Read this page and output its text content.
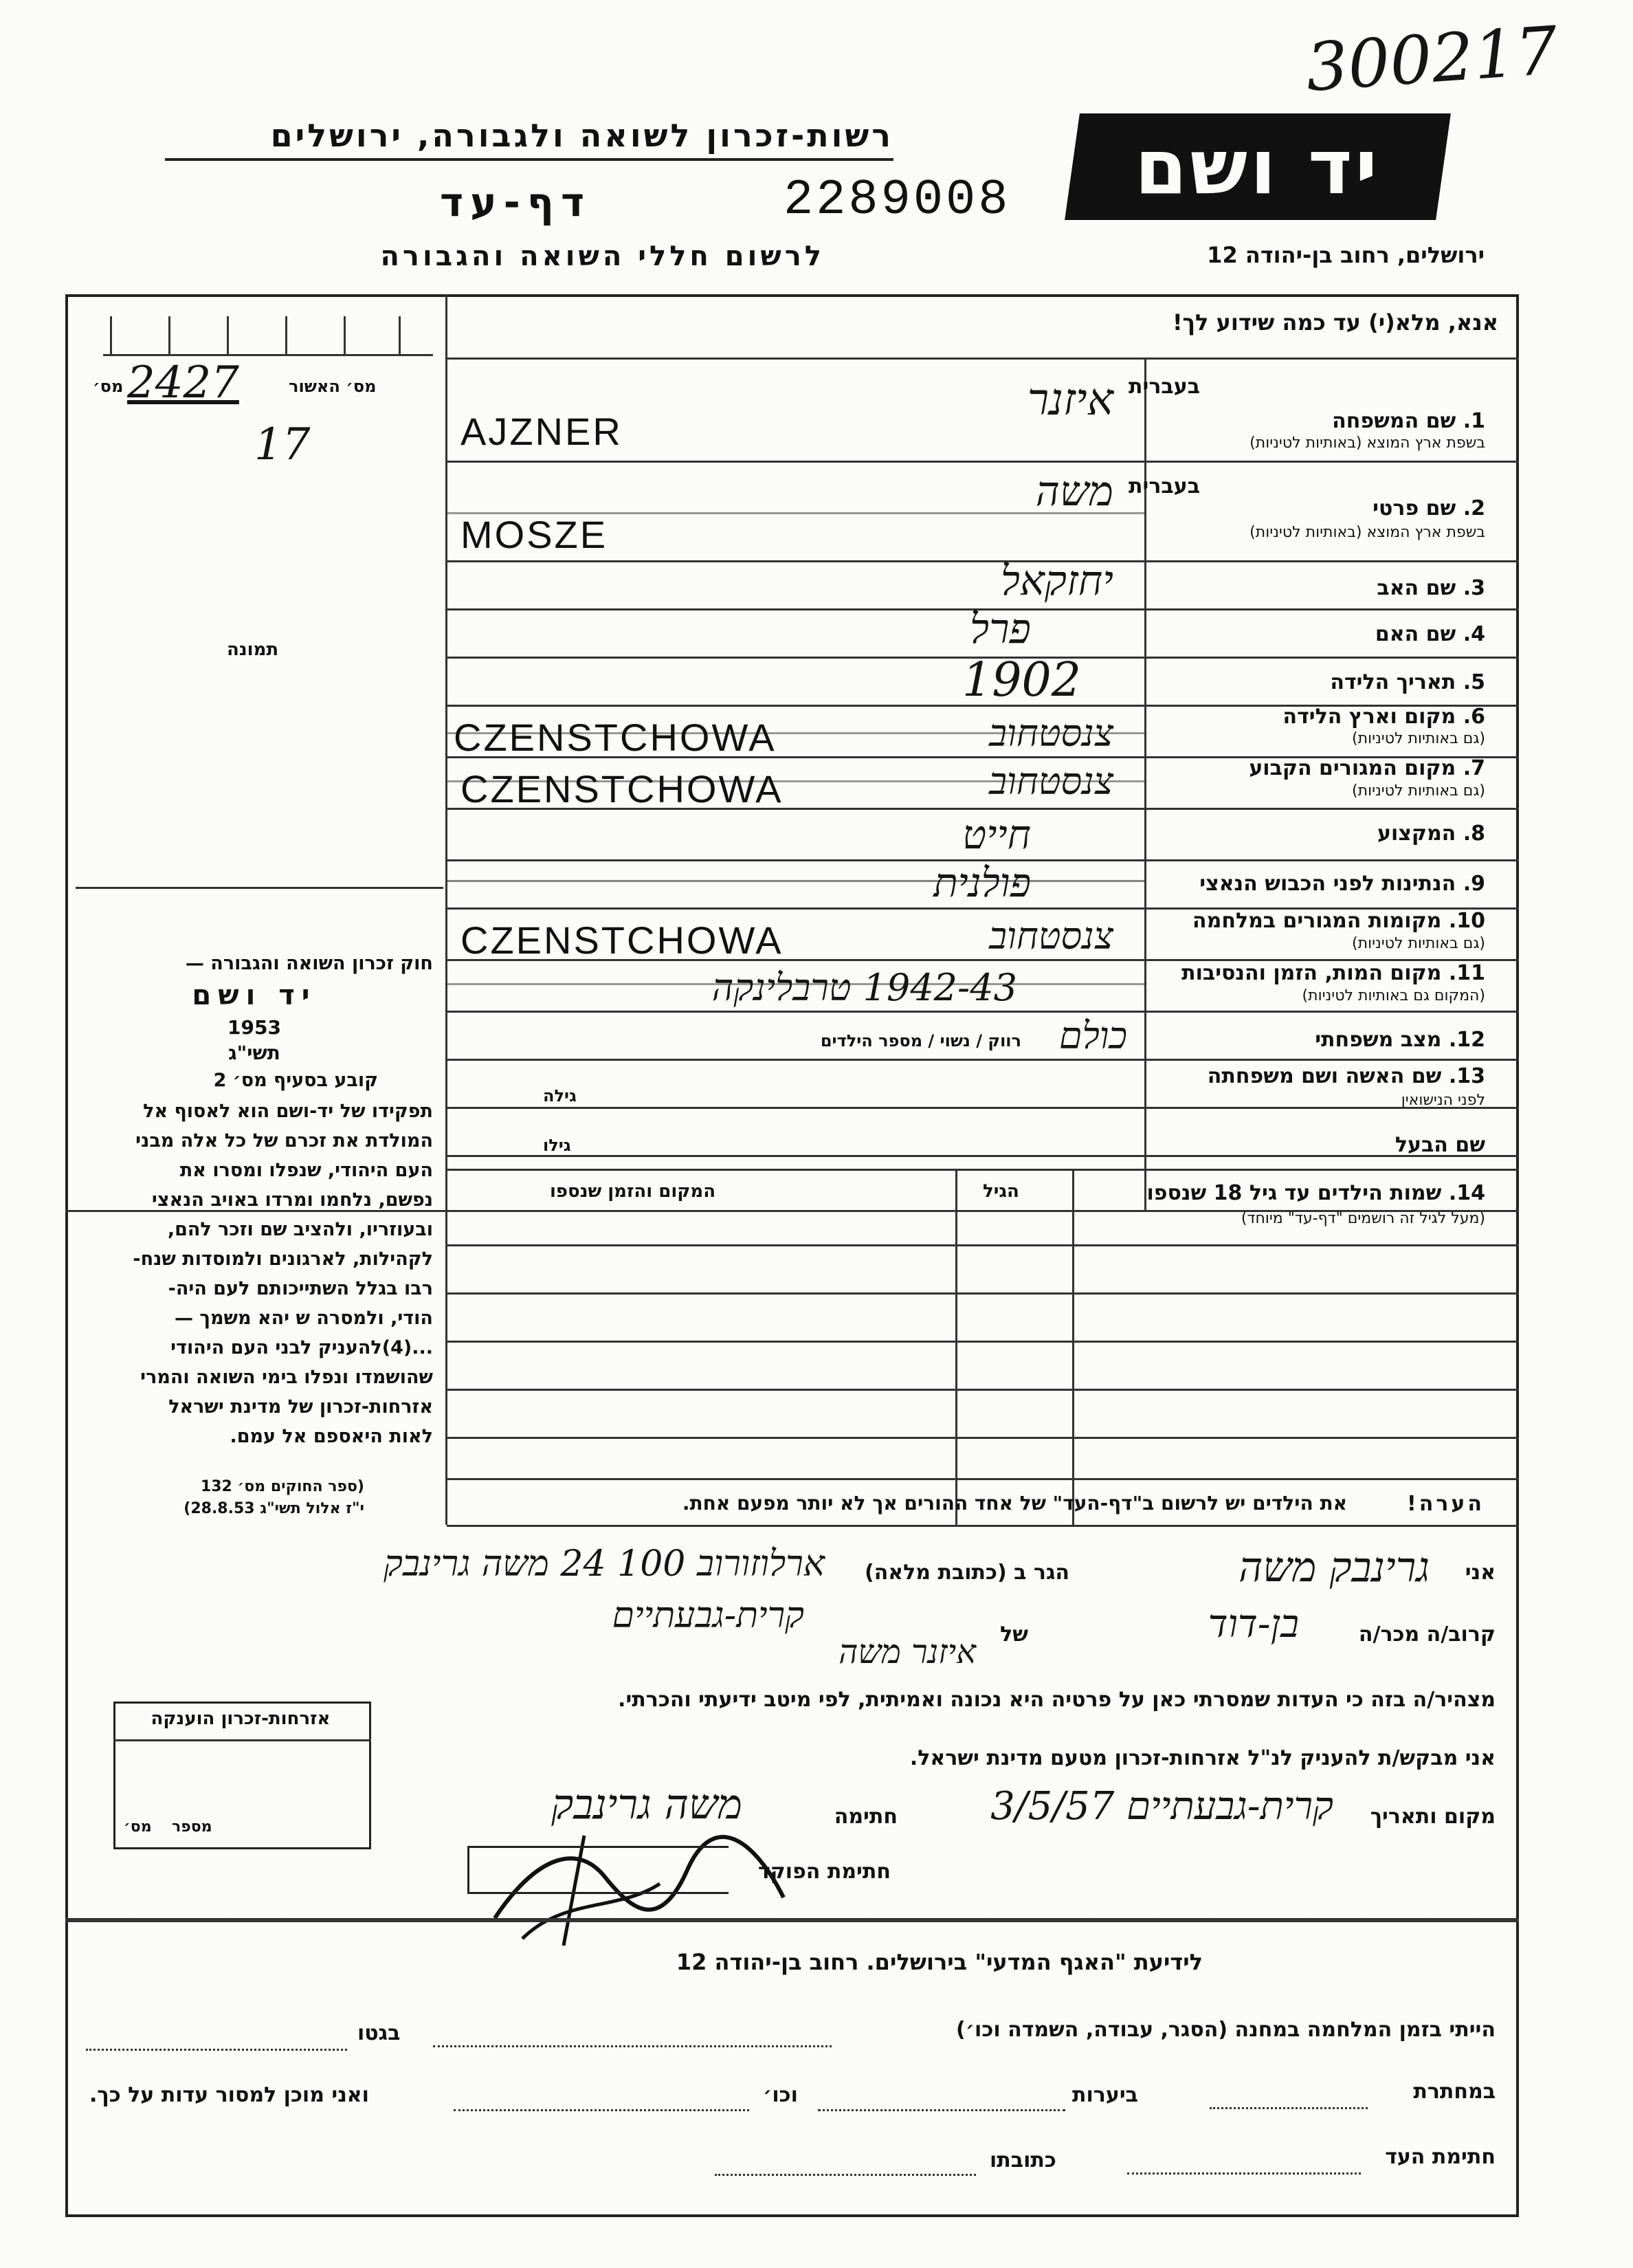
300217
רשות-זכרון לשואה ולגבורה, ירושלים
דף-עד	2289008
לרשום חללי השואה והגבורה
יד ושם
ירושלים, רחוב בן-יהודה 12
אנא, מלא(י) עד כמה שידוע לך!
מס׳ האשור
מס׳ 2427
17
תמונה
בעברית
1. שם המשפחה
בשפת ארץ המוצא (באותיות לטיניות)
איזנר
AJZNER
בעברית
2. שם פרטי
בשפת ארץ המוצא (באותיות לטיניות)
משה
MOSZE
3. שם האב
יחזקאל
4. שם האם
פרל
5. תאריך הלידה
1902
6. מקום וארץ הלידה
(גם באותיות לטיניות)
צנסטחוב
CZENSTCHOWA
7. מקום המגורים הקבוע
(גם באותיות לטיניות)
צנסטחוב
CZENSTCHOWA
8. המקצוע
חייט
9. הנתינות לפני הכבוש הנאצי
פולנית
10. מקומות המגורים במלחמה
(גם באותיות לטיניות)
צנסטחוב
CZENSTCHOWA
11. מקום המות, הזמן והנסיבות
(המקום גם באותיות לטיניות)
1942-43 טרבלינקה
12. מצב משפחתי
רווק / נשוי / מספר הילדים	כולם
13. שם האשה ושם משפחתה
לפני הנישואין
גילה
שם הבעל
גילו
14. שמות הילדים עד גיל 18 שנספו
(מעל לגיל זה רושמים "דף-עד" מיוחד)
הגיל
המקום והזמן שנספו
הערה!
את הילדים יש לרשום ב"דף-העד" של אחד ההורים אך לא יותר מפעם אחת.
חוק זכרון השואה והגבורה —
יד ושם
1953
תשי"ג
קובע בסעיף מס׳ 2
תפקידו של יד-ושם הוא לאסוף אל
המולדת את זכרם של כל אלה מבני
העם היהודי, שנפלו ומסרו את
נפשם, נלחמו ומרדו באויב הנאצי
ובעוזריו, ולהציב שם וזכר להם,
לקהילות, לארגונים ולמוסדות שנח-
רבו בגלל השתייכותם לעם היה-
הודי, ולמסרה ש יהא משמך —
...(4)להעניק לבני העם היהודי
שהושמדו ונפלו בימי השואה והמרי
אזרחות-זכרון של מדינת ישראל
לאות היאספם אל עמם.
(ספר החוקים מס׳ 132
י"ז אלול תשי"ג 28.8.53)
אני
גרינבק משה
הגר ב (כתובת מלאה)
ארלוזורוב 100 24 משה גרינבק
קרוב/ה מכר/ה
בן-דוד
של
איזנר משה
קרית-גבעתיים
מצהיר/ה בזה כי העדות שמסרתי כאן על פרטיה היא נכונה ואמיתית, לפי מיטב ידיעתי והכרתי.
אני מבקש/ת להעניק לנ"ל אזרחות-זכרון מטעם מדינת ישראל.
מקום ותאריך
קרית-גבעתיים 3/5/57
חתימה
משה גרינבק
חתימת הפוקד
אזרחות-זכרון הוענקה
מספר
מס׳
לידיעת "האגף המדעי" בירושלים. רחוב בן-יהודה 12
הייתי בזמן המלחמה במחנה (הסגר, עבודה, השמדה וכו׳)
בגטו
במחתרת
ביערות
וכו׳
ואני מוכן למסור עדות על כך.
חתימת העד
כתובתו
